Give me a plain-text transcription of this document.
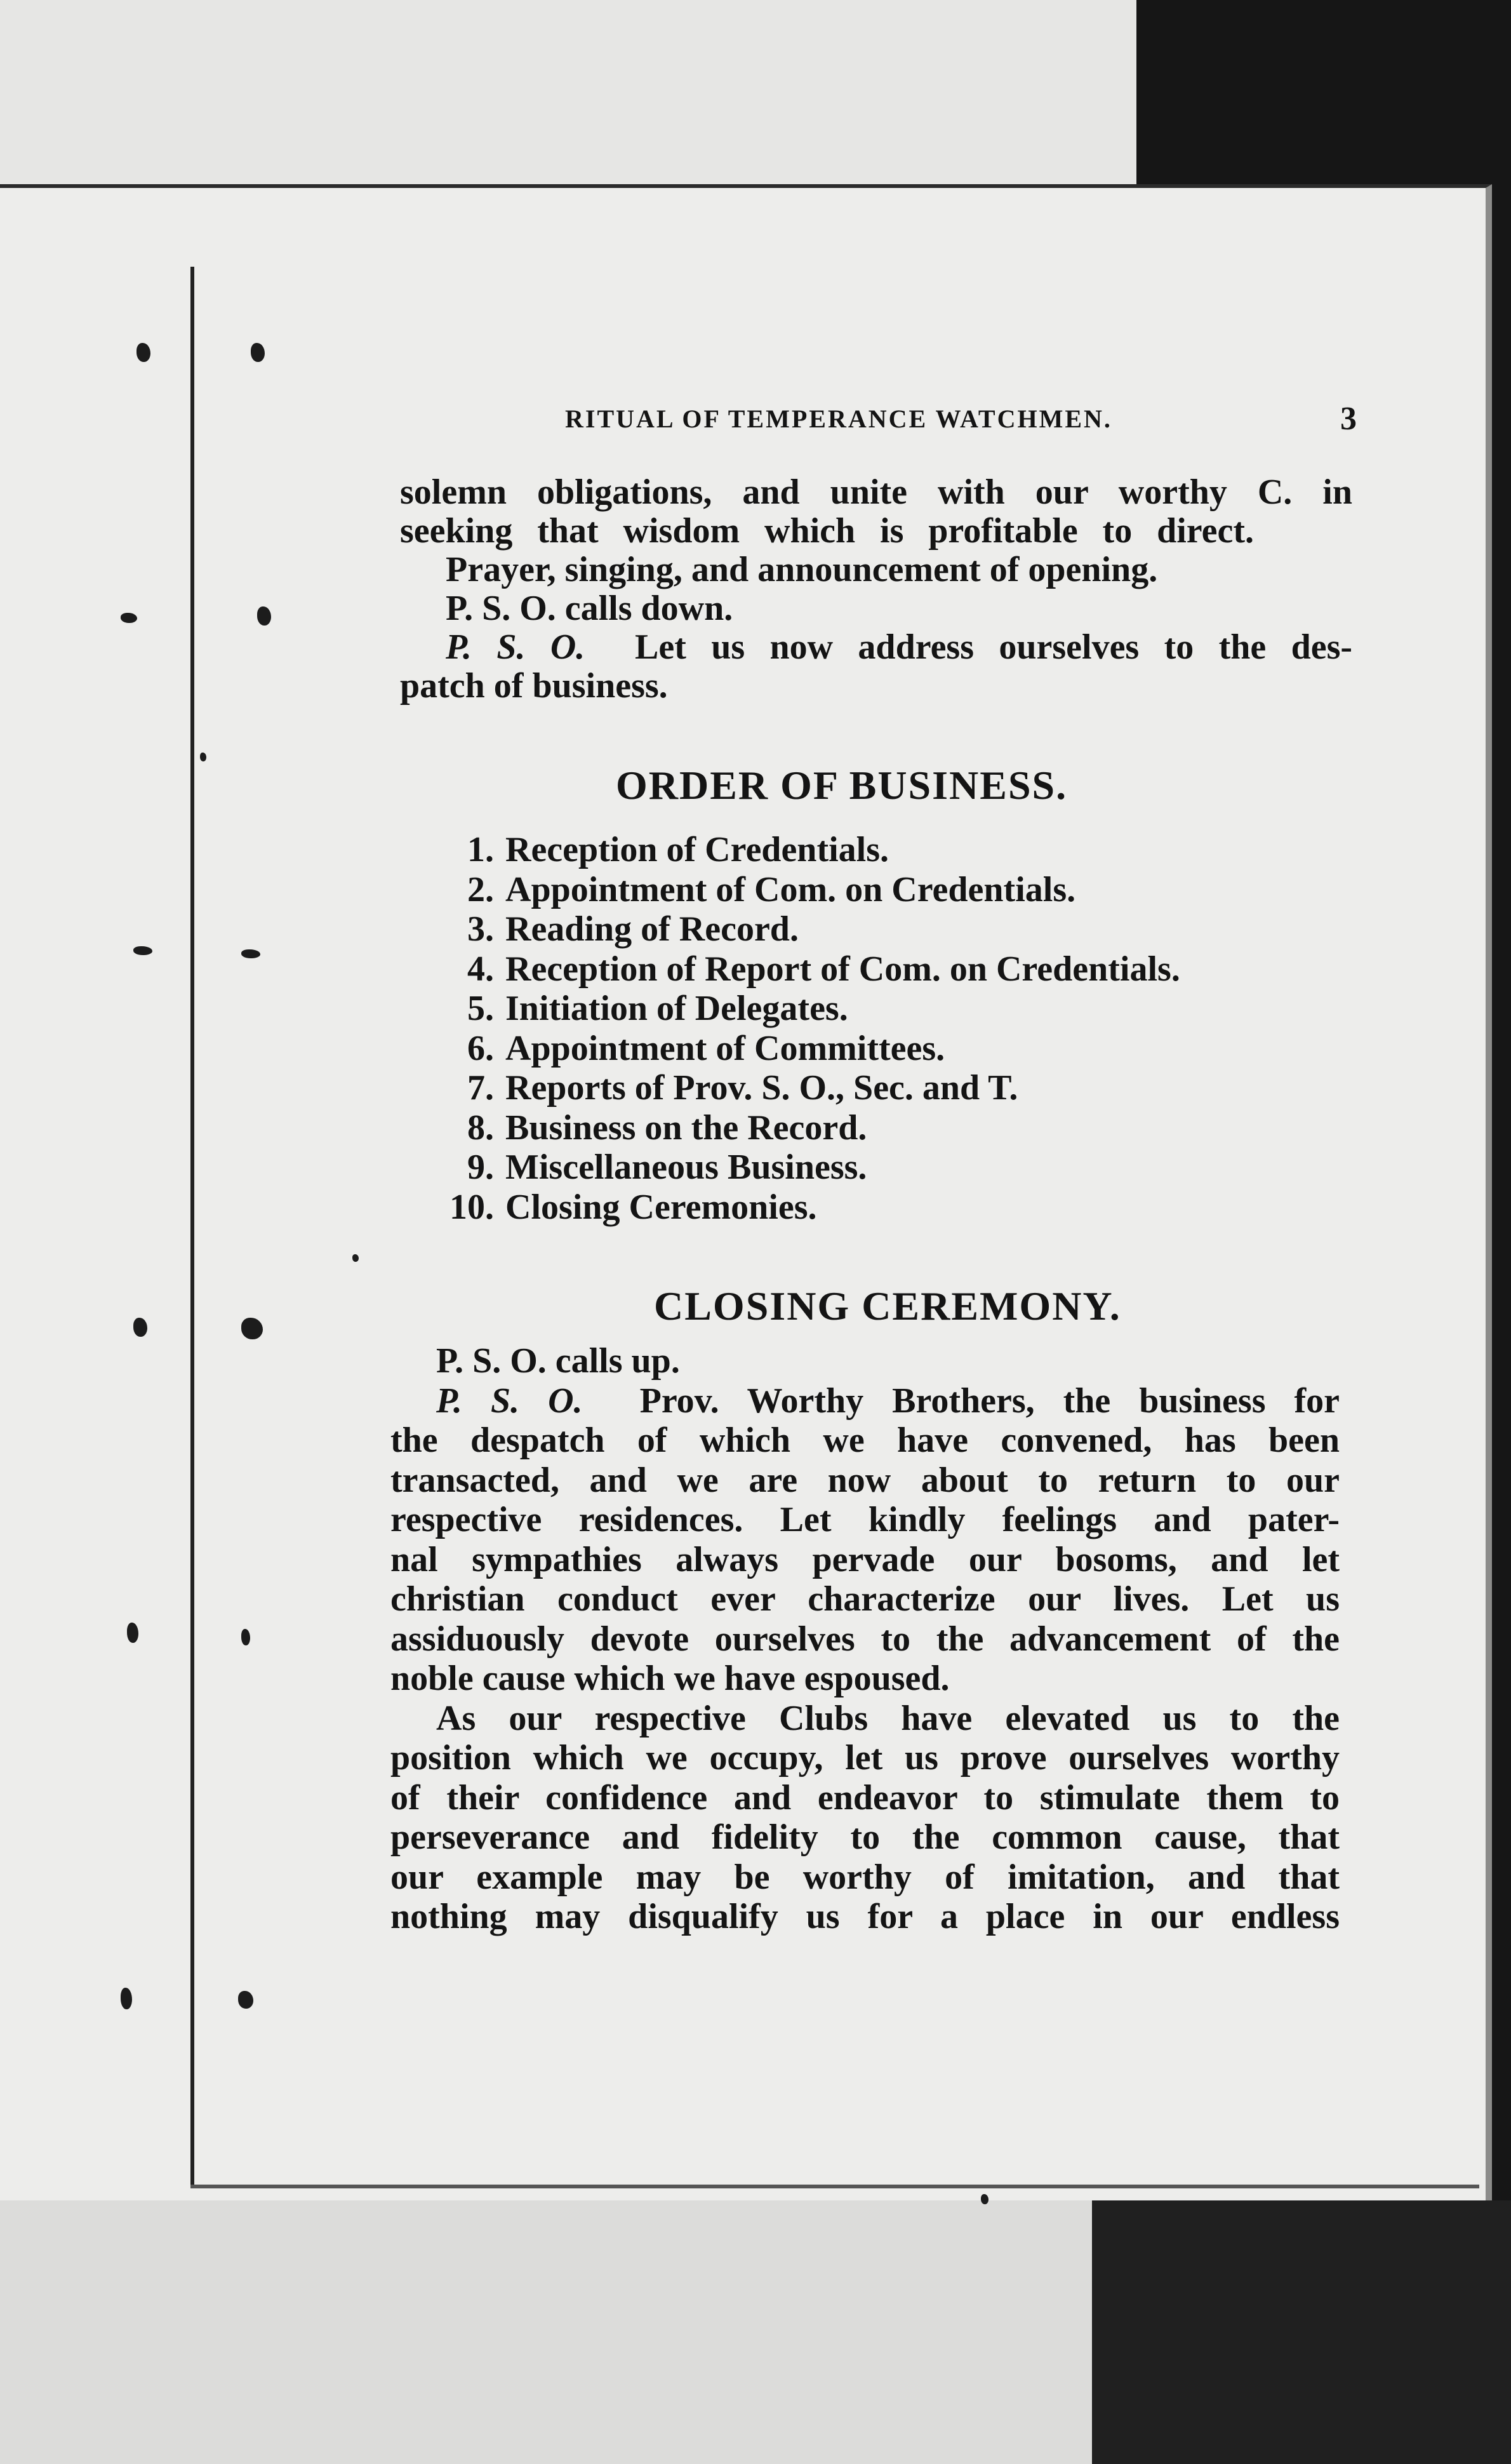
RITUAL OF TEMPERANCE WATCHMEN.	3
solemn obligations, and unite with our worthy C. in
seeking that wisdom which is profitable to direct.
Prayer, singing, and announcement of opening.
P. S. O. calls down.
P. S. O. Let us now address ourselves to the des-
patch of business.
ORDER OF BUSINESS.
1. Reception of Credentials.
2. Appointment of Com. on Credentials.
3. Reading of Record.
4. Reception of Report of Com. on Credentials.
5. Initiation of Delegates.
6. Appointment of Committees.
7. Reports of Prov. S. O., Sec. and T.
8. Business on the Record.
9. Miscellaneous Business.
10. Closing Ceremonies.
CLOSING CEREMONY.
P. S. O. calls up.
P. S. O. Prov. Worthy Brothers, the business for
the despatch of which we have convened, has been
transacted, and we are now about to return to our
respective residences. Let kindly feelings and pater-
nal sympathies always pervade our bosoms, and let
christian conduct ever characterize our lives. Let us
assiduously devote ourselves to the advancement of the
noble cause which we have espoused.
As our respective Clubs have elevated us to the
position which we occupy, let us prove ourselves worthy
of their confidence and endeavor to stimulate them to
perseverance and fidelity to the common cause, that
our example may be worthy of imitation, and that
nothing may disqualify us for a place in our endless
